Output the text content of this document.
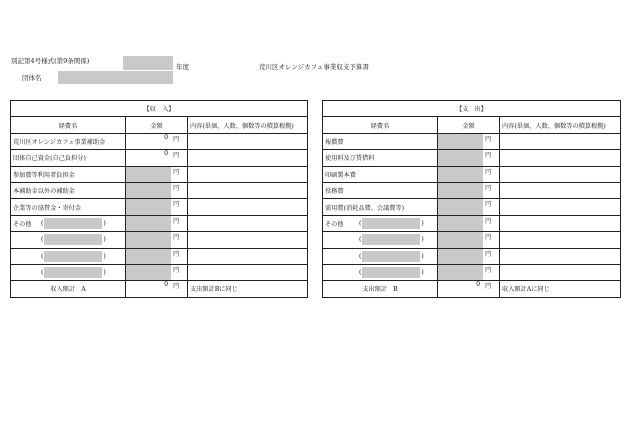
別記第4号様式(第9条関係)
年度	荒川区オレンジカフェ事業収支予算書
団体名
【収　入】		
経費名	金額	内容(単価、人数、個数等の積算根拠)
荒川区オレンジカフェ事業補助金	0 円	

団体自己資金(自己負担分)	0 円	

参加費等利用者負担金	円	

本補助金以外の補助金	円	

企業等の協賛金・寄付金	円	

その他 ( )	円	

( )	円	

( )	円	

( )	円	

収入額計　A	0 円	支出額計Bに同じ
【支　出】		
経費名	金額	内容(単価、人数、個数等の積算根拠)
報償費	円	

使用料及び賃借料	円	

印刷製本費	円	

役務費	円	

需用費(消耗品費、会議費等)	円	

その他 ( )	円	

( )	円	

( )	円	

( )	円	

支出額計　B	0 円	収入額計Aに同じ
